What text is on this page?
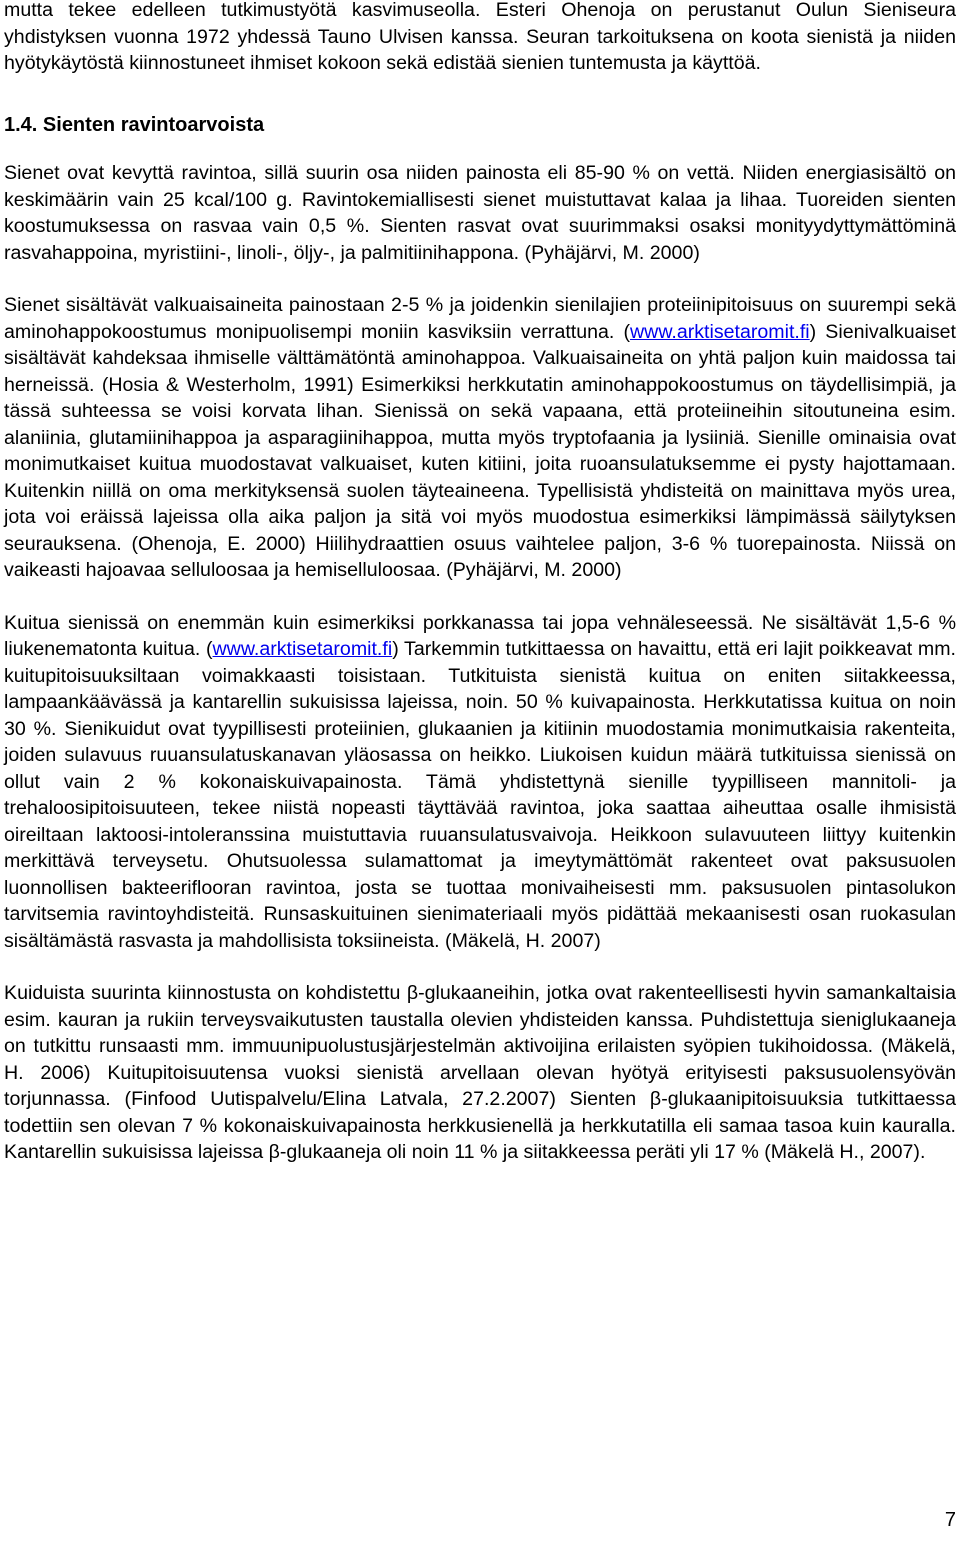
mutta tekee edelleen tutkimustyötä kasvimuseolla. Esteri Ohenoja on perustanut Oulun Sieniseura yhdistyksen vuonna 1972 yhdessä Tauno Ulvisen kanssa. Seuran tarkoituksena on koota sienistä ja niiden hyötykäytöstä kiinnostuneet ihmiset kokoon sekä edistää sienien tuntemusta ja käyttöä.

1.4. Sienten ravintoarvoista

Sienet ovat kevyttä ravintoa, sillä suurin osa niiden painosta eli 85-90 % on vettä. Niiden energiasisältö on keskimäärin vain 25 kcal/100 g. Ravintokemiallisesti sienet muistuttavat kalaa ja lihaa. Tuoreiden sienten koostumuksessa on rasvaa vain 0,5 %. Sienten rasvat ovat suurimmaksi osaksi monityydyttymättöminä rasvahappoina, myristiini-, linoli-, öljy-, ja palmitiinihappona. (Pyhäjärvi, M. 2000)

Sienet sisältävät valkuaisaineita painostaan 2-5 % ja joidenkin sienilajien proteiinipitoisuus on suurempi sekä aminohappokoostumus monipuolisempi moniin kasviksiin verrattuna. (www.arktisetaromit.fi) Sienivalkuaiset sisältävät kahdeksaa ihmiselle välttämätöntä aminohappoa. Valkuaisaineita on yhtä paljon kuin maidossa tai herneissä. (Hosia & Westerholm, 1991) Esimerkiksi herkkutatin aminohappokoostumus on täydellisimpiä, ja tässä suhteessa se voisi korvata lihan. Sienissä on sekä vapaana, että proteiineihin sitoutuneina esim. alaniinia, glutamiinihappoa ja asparagiinihappoa, mutta myös tryptofaania ja lysiiniä. Sienille ominaisia ovat monimutkaiset kuitua muodostavat valkuaiset, kuten kitiini, joita ruoansulatuksemme ei pysty hajottamaan. Kuitenkin niillä on oma merkityksensä suolen täyteaineena. Typellisistä yhdisteitä on mainittava myös urea, jota voi eräissä lajeissa olla aika paljon ja sitä voi myös muodostua esimerkiksi lämpimässä säilytyksen seurauksena. (Ohenoja, E. 2000) Hiilihydraattien osuus vaihtelee paljon, 3-6 % tuorepainosta. Niissä on vaikeasti hajoavaa selluloosaa ja hemiselluloosaa. (Pyhäjärvi, M. 2000)

Kuitua sienissä on enemmän kuin esimerkiksi porkkanassa tai jopa vehnäleseessä. Ne sisältävät 1,5-6 % liukenematonta kuitua. (www.arktisetaromit.fi) Tarkemmin tutkittaessa on havaittu, että eri lajit poikkeavat mm. kuitupitoisuuksiltaan voimakkaasti toisistaan. Tutkituista sienistä kuitua on eniten siitakkeessa, lampaankäävässä ja kantarellin sukuisissa lajeissa, noin. 50 % kuivapainosta. Herkkutatissa kuitua on noin 30 %. Sienikuidut ovat tyypillisesti proteiinien, glukaanien ja kitiinin muodostamia monimutkaisia rakenteita, joiden sulavuus ruuansulatuskanavan yläosassa on heikko. Liukoisen kuidun määrä tutkituissa sienissä on ollut vain 2 % kokonaiskuivapainosta. Tämä yhdistettynä sienille tyypilliseen mannitoli- ja trehaloosipitoisuuteen, tekee niistä nopeasti täyttävää ravintoa, joka saattaa aiheuttaa osalle ihmisistä oireiltaan laktoosi-intoleranssina muistuttavia ruuansulatusvaivoja. Heikkoon sulavuuteen liittyy kuitenkin merkittävä terveysetu. Ohutsuolessa sulamattomat ja imeytymättömät rakenteet ovat paksusuolen luonnollisen bakteeriflooran ravintoa, josta se tuottaa monivaiheisesti mm. paksusuolen pintasolukon tarvitsemia ravintoyhdisteitä. Runsaskuituinen sienimateriaali myös pidättää mekaanisesti osan ruokasulan sisältämästä rasvasta ja mahdollisista toksiineista. (Mäkelä, H. 2007)

Kuiduista suurinta kiinnostusta on kohdistettu β-glukaaneihin, jotka ovat rakenteellisesti hyvin samankaltaisia esim. kauran ja rukiin terveysvaikutusten taustalla olevien yhdisteiden kanssa. Puhdistettuja sieniglukaaneja on tutkittu runsaasti mm. immuunipuolustusjärjestelmän aktivoijina erilaisten syöpien tukihoidossa. (Mäkelä, H. 2006) Kuitupitoisuutensa vuoksi sienistä arvellaan olevan hyötyä erityisesti paksusuolensyövän torjunnassa. (Finfood Uutispalvelu/Elina Latvala, 27.2.2007) Sienten β-glukaanipitoisuuksia tutkittaessa todettiin sen olevan 7 % kokonaiskuivapainosta herkkusienellä ja herkkutatilla eli samaa tasoa kuin kauralla. Kantarellin sukuisissa lajeissa β-glukaaneja oli noin 11 % ja siitakkeessa peräti yli 17 % (Mäkelä H., 2007).

7
